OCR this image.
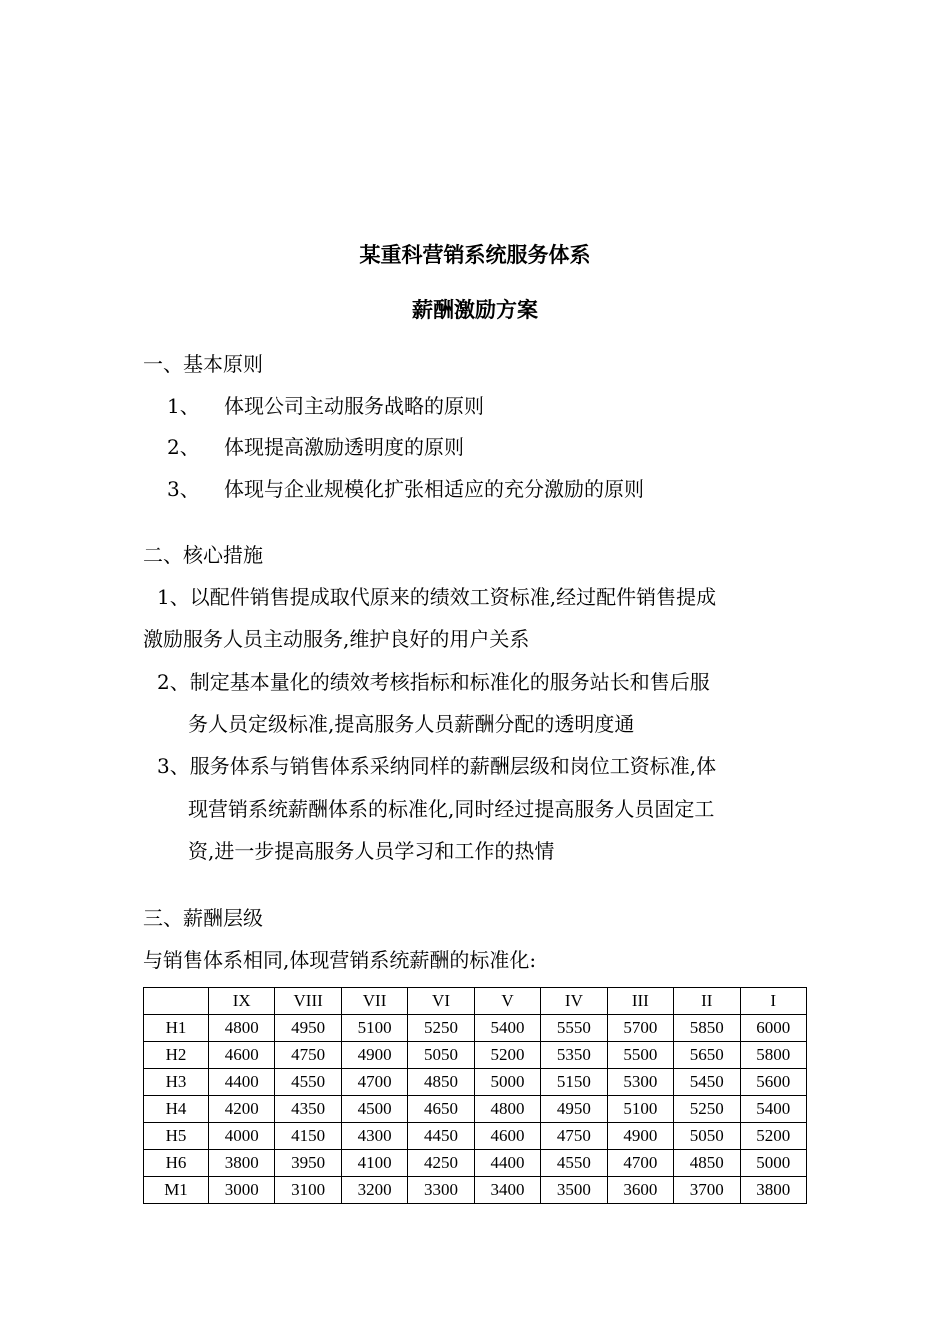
某重科营销系统服务体系
薪酬激励方案
一、基本原则
1、 体现公司主动服务战略的原则
2、 体现提高激励透明度的原则
3、 体现与企业规模化扩张相适应的充分激励的原则
二、核心措施
1、以配件销售提成取代原来的绩效工资标准,经过配件销售提成
激励服务人员主动服务,维护良好的用户关系
2、制定基本量化的绩效考核指标和标准化的服务站长和售后服
务人员定级标准,提高服务人员薪酬分配的透明度通
3、服务体系与销售体系采纳同样的薪酬层级和岗位工资标准,体
现营销系统薪酬体系的标准化,同时经过提高服务人员固定工
资,进一步提高服务人员学习和工作的热情
三、薪酬层级
与销售体系相同,体现营销系统薪酬的标准化:
	IX	VIII	VII	VI	V	IV	III	II	I
H1	4800	4950	5100	5250	5400	5550	5700	5850	6000
H2	4600	4750	4900	5050	5200	5350	5500	5650	5800
H3	4400	4550	4700	4850	5000	5150	5300	5450	5600
H4	4200	4350	4500	4650	4800	4950	5100	5250	5400
H5	4000	4150	4300	4450	4600	4750	4900	5050	5200
H6	3800	3950	4100	4250	4400	4550	4700	4850	5000
M1	3000	3100	3200	3300	3400	3500	3600	3700	3800
